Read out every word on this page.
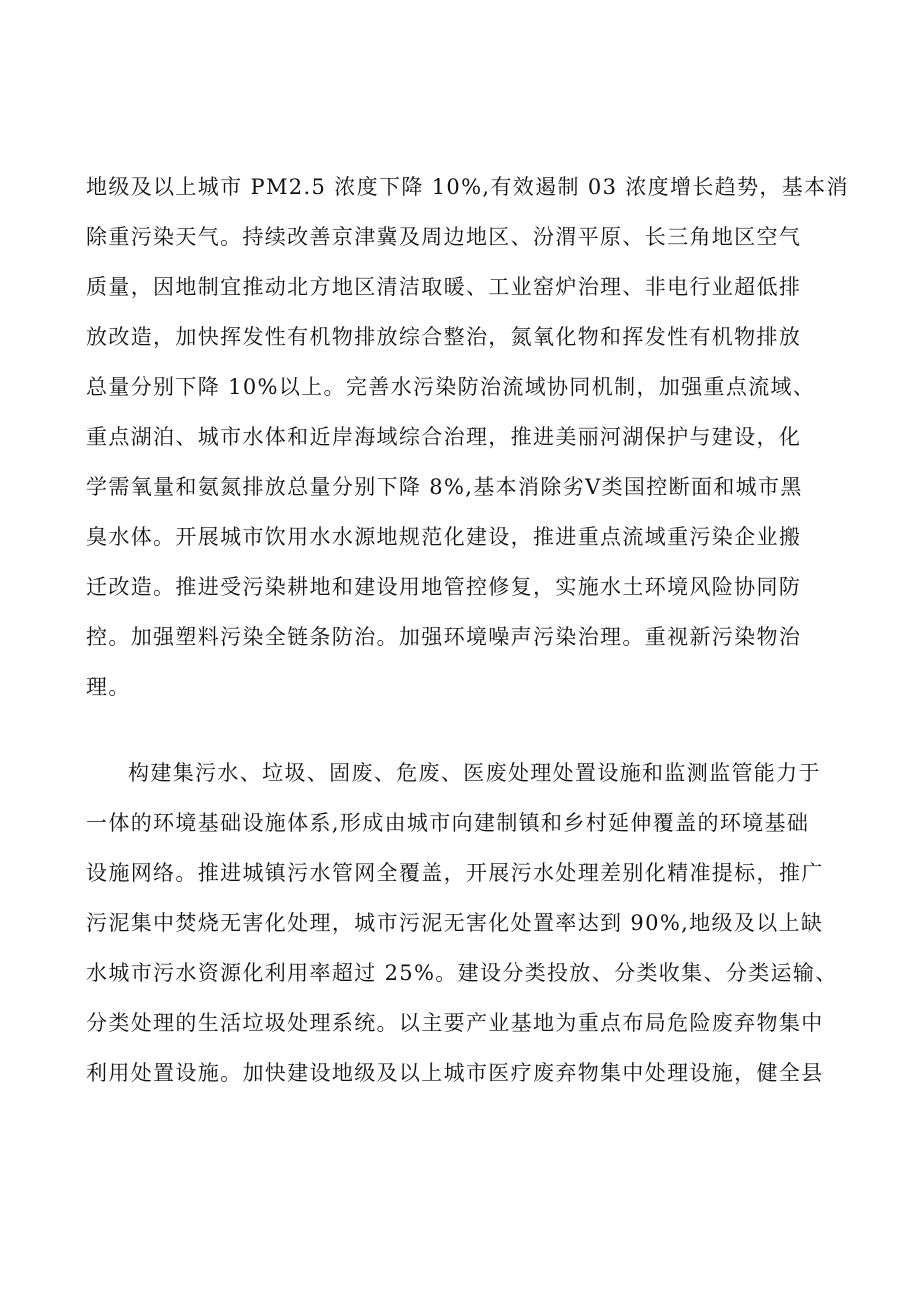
地级及以上城市 PM2.5 浓度下降 10%,有效遏制 03 浓度增长趋势，基本消
除重污染天气。持续改善京津冀及周边地区、汾渭平原、长三角地区空气
质量，因地制宜推动北方地区清洁取暖、工业窑炉治理、非电行业超低排
放改造，加快挥发性有机物排放综合整治，氮氧化物和挥发性有机物排放
总量分别下降 10%以上。完善水污染防治流域协同机制，加强重点流域、
重点湖泊、城市水体和近岸海域综合治理，推进美丽河湖保护与建设，化
学需氧量和氨氮排放总量分别下降 8%,基本消除劣Ⅴ类国控断面和城市黑
臭水体。开展城市饮用水水源地规范化建设，推进重点流域重污染企业搬
迁改造。推进受污染耕地和建设用地管控修复，实施水土环境风险协同防
控。加强塑料污染全链条防治。加强环境噪声污染治理。重视新污染物治
理。
构建集污水、垃圾、固废、危废、医废处理处置设施和监测监管能力于
一体的环境基础设施体系,形成由城市向建制镇和乡村延伸覆盖的环境基础
设施网络。推进城镇污水管网全覆盖，开展污水处理差别化精准提标，推广
污泥集中焚烧无害化处理，城市污泥无害化处置率达到 90%,地级及以上缺
水城市污水资源化利用率超过 25%。建设分类投放、分类收集、分类运输、
分类处理的生活垃圾处理系统。以主要产业基地为重点布局危险废弃物集中
利用处置设施。加快建设地级及以上城市医疗废弃物集中处理设施，健全县
